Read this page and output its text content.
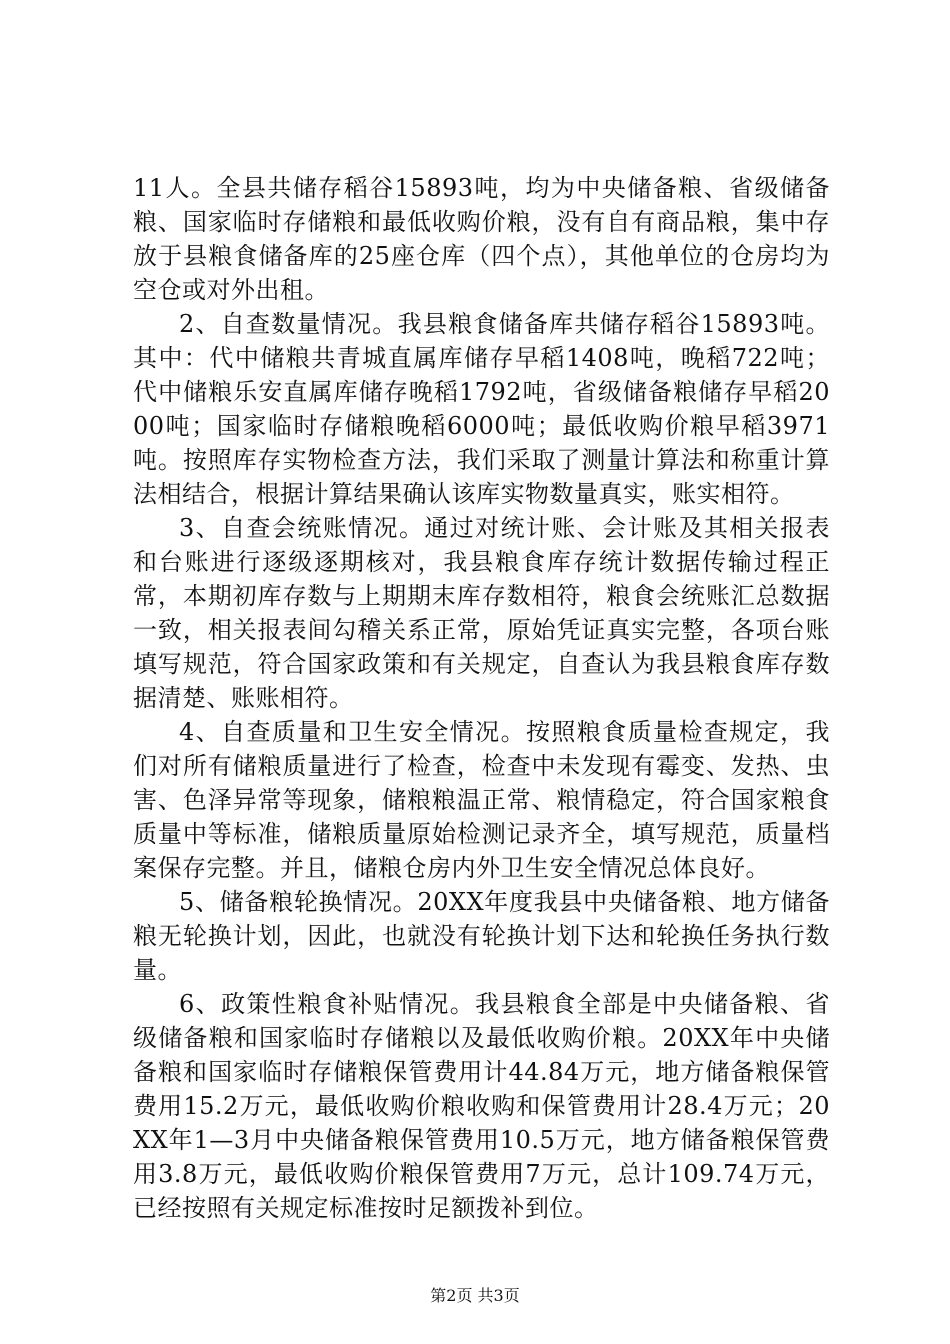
11人。全县共储存稻谷15893吨，均为中央储备粮、省级储备粮、国家临时存储粮和最低收购价粮，没有自有商品粮，集中存放于县粮食储备库的25座仓库（四个点），其他单位的仓房均为空仓或对外出租。

2、自查数量情况。我县粮食储备库共储存稻谷15893吨。其中：代中储粮共青城直属库储存早稻1408吨，晚稻722吨；代中储粮乐安直属库储存晚稻1792吨，省级储备粮储存早稻2000吨；国家临时存储粮晚稻6000吨；最低收购价粮早稻3971吨。按照库存实物检查方法，我们采取了测量计算法和称重计算法相结合，根据计算结果确认该库实物数量真实，账实相符。

3、自查会统账情况。通过对统计账、会计账及其相关报表和台账进行逐级逐期核对，我县粮食库存统计数据传输过程正常，本期初库存数与上期期末库存数相符，粮食会统账汇总数据一致，相关报表间勾稽关系正常，原始凭证真实完整，各项台账填写规范，符合国家政策和有关规定，自查认为我县粮食库存数据清楚、账账相符。

4、自查质量和卫生安全情况。按照粮食质量检查规定，我们对所有储粮质量进行了检查，检查中未发现有霉变、发热、虫害、色泽异常等现象，储粮粮温正常、粮情稳定，符合国家粮食质量中等标准，储粮质量原始检测记录齐全，填写规范，质量档案保存完整。并且，储粮仓房内外卫生安全情况总体良好。

5、储备粮轮换情况。20XX年度我县中央储备粮、地方储备粮无轮换计划，因此，也就没有轮换计划下达和轮换任务执行数量。

6、政策性粮食补贴情况。我县粮食全部是中央储备粮、省级储备粮和国家临时存储粮以及最低收购价粮。20XX年中央储备粮和国家临时存储粮保管费用计44.84万元，地方储备粮保管费用15.2万元，最低收购价粮收购和保管费用计28.4万元；20XX年1—3月中央储备粮保管费用10.5万元，地方储备粮保管费用3.8万元，最低收购价粮保管费用7万元，总计109.74万元，已经按照有关规定标准按时足额拨补到位。

第2页 共3页
